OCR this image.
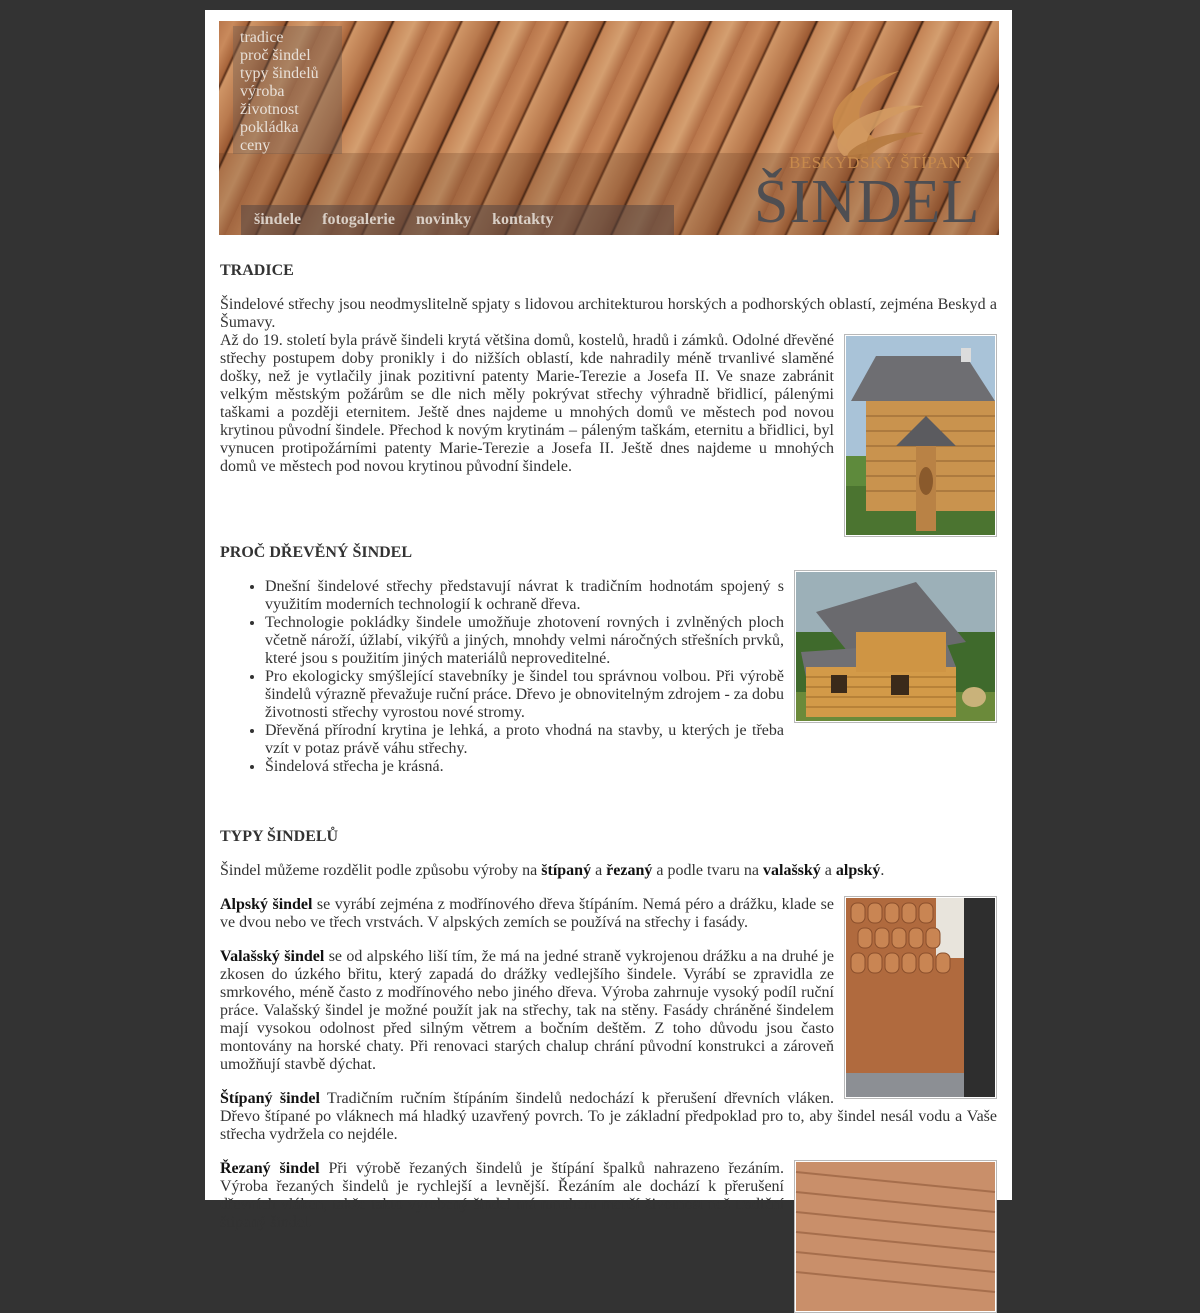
tradice
proč šindel
typy šindelů
výroba
životnost
pokládka
ceny
šindele fotogalerie novinky kontakty
BESKYDSKÝ ŠTÍPANÝ
ŠINDEL
TRADICE

Šindelové střechy jsou neodmyslitelně spjaty s lidovou architekturou horských a podhorských oblastí, zejména Beskyd a Šumavy.

Až do 19. století byla právě šindeli krytá většina domů, kostelů, hradů i zámků. Odolné dřevěné střechy postupem doby pronikly i do nižších oblastí, kde nahradily méně trvanlivé slaměné došky, než je vytlačily jinak pozitivní patenty Marie-Terezie a Josefa II. Ve snaze zabránit velkým městským požárům se dle nich měly pokrývat střechy výhradně břidlicí, pálenými taškami a později eternitem. Ještě dnes najdeme u mnohých domů ve městech pod novou krytinou původní šindele. Přechod k novým krytinám – páleným taškám, eternitu a břidlici, byl vynucen protipožárními patenty Marie-Terezie a Josefa II. Ještě dnes najdeme u mnohých domů ve městech pod novou krytinou původní šindele.

PROČ DŘEVĚNÝ ŠINDEL
• Dnešní šindelové střechy představují návrat k tradičním hodnotám spojený s využitím moderních technologií k ochraně dřeva.
• Technologie pokládky šindele umožňuje zhotovení rovných i zvlněných ploch včetně nároží, úžlabí, vikýřů a jiných, mnohdy velmi náročných střešních prvků, které jsou s použitím jiných materiálů neproveditelné.
• Pro ekologicky smýšlející stavebníky je šindel tou správnou volbou. Při výrobě šindelů výrazně převažuje ruční práce. Dřevo je obnovitelným zdrojem - za dobu životnosti střechy vyrostou nové stromy.
• Dřevěná přírodní krytina je lehká, a proto vhodná na stavby, u kterých je třeba vzít v potaz právě váhu střechy.
• Šindelová střecha je krásná.
TYPY ŠINDELŮ

Šindel můžeme rozdělit podle způsobu výroby na štípaný a řezaný a podle tvaru na valašský a alpský.

Alpský šindel se vyrábí zejména z modřínového dřeva štípáním. Nemá péro a drážku, klade se ve dvou nebo ve třech vrstvách. V alpských zemích se používá na střechy i fasády.

Valašský šindel se od alpského liší tím, že má na jedné straně vykrojenou drážku a na druhé je zkosen do úzkého břitu, který zapadá do drážky vedlejšího šindele. Vyrábí se zpravidla ze smrkového, méně často z modřínového nebo jiného dřeva. Výroba zahrnuje vysoký podíl ruční práce. Valašský šindel je možné použít jak na střechy, tak na stěny. Fasády chráněné šindelem mají vysokou odolnost před silným větrem a bočním deštěm. Z toho důvodu jsou často montovány na horské chaty. Při renovaci starých chalup chrání původní konstrukci a zároveň umožňují stavbě dýchat.

Štípaný šindel Tradičním ručním štípáním šindelů nedochází k přerušení dřevních vláken. Dřevo štípané po vláknech má hladký uzavřený povrch. To je základní předpoklad pro to, aby šindel nesál vodu a Vaše střecha vydržela co nejdéle.

Řezaný šindel Při výrobě řezaných šindelů je štípání špalků nahrazeno řezáním. Výroba řezaných šindelů je rychlejší a levnější. Řezáním ale dochází k přerušení dřevních vláken, takže takto vyrobený šindel má mnohem menší životnost než tradiční štípaný šindel.
